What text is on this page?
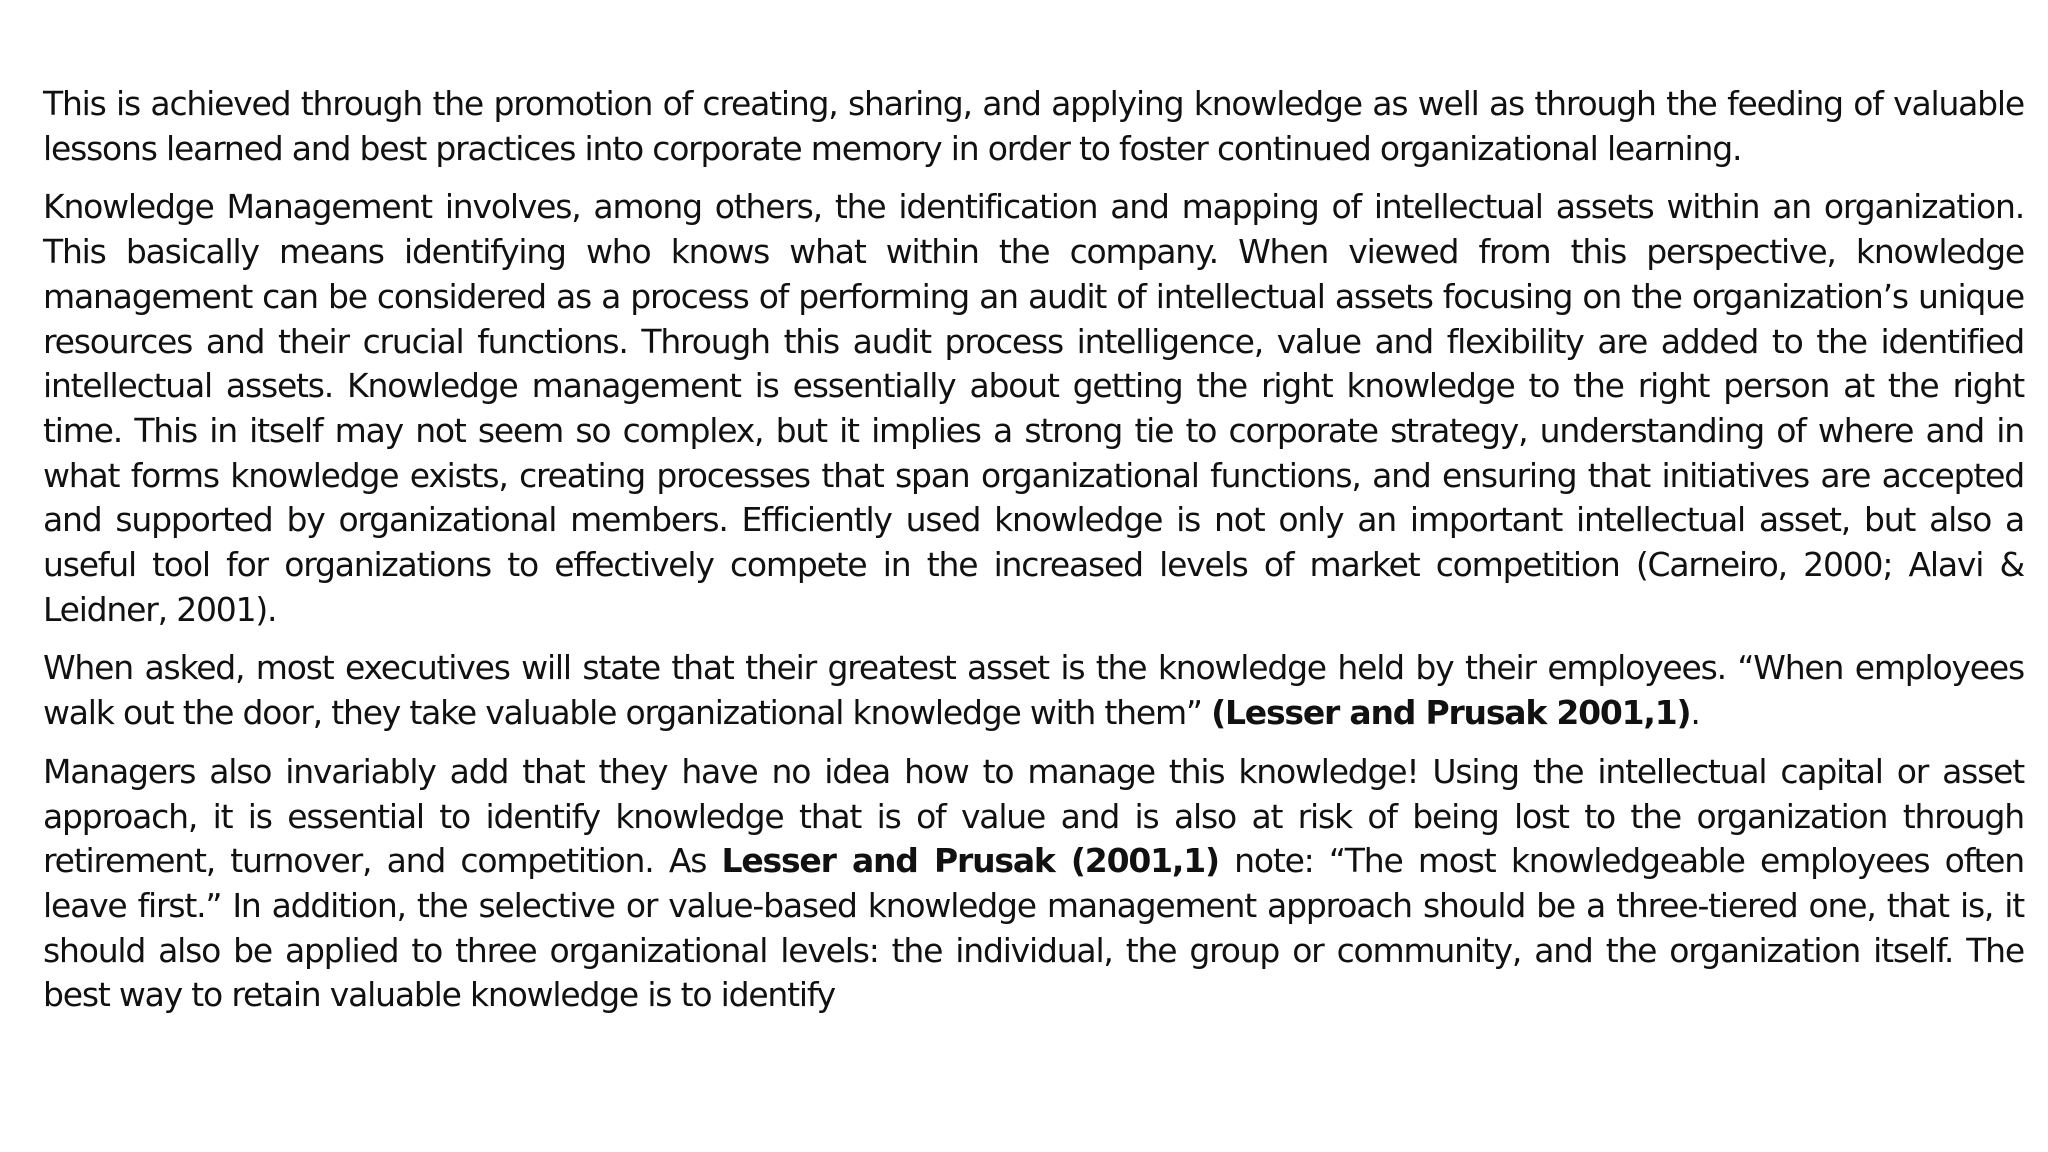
This is achieved through the promotion of creating, sharing, and applying knowledge as well as through the feeding of valuable lessons learned and best practices into corporate memory in order to foster continued organizational learning.

Knowledge Management involves, among others, the identification and mapping of intellectual assets within an organization. This basically means identifying who knows what within the company. When viewed from this perspective, knowledge management can be considered as a process of performing an audit of intellectual assets focusing on the organization’s unique resources and their crucial functions. Through this audit process intelligence, value and flexibility are added to the identified intellectual assets. Knowledge management is essentially about getting the right knowledge to the right person at the right time. This in itself may not seem so complex, but it implies a strong tie to corporate strategy, understanding of where and in what forms knowledge exists, creating processes that span organizational functions, and ensuring that initiatives are accepted and supported by organizational members. Efficiently used knowledge is not only an important intellectual asset, but also a useful tool for organizations to effectively compete in the increased levels of market competition (Carneiro, 2000; Alavi & Leidner, 2001).

When asked, most executives will state that their greatest asset is the knowledge held by their employees. “When employees walk out the door, they take valuable organizational knowledge with them” (Lesser and Prusak 2001,1).

Managers also invariably add that they have no idea how to manage this knowledge! Using the intellectual capital or asset approach, it is essential to identify knowledge that is of value and is also at risk of being lost to the organization through retirement, turnover, and competition. As Lesser and Prusak (2001,1) note: “The most knowledgeable employees often leave first.” In addition, the selective or value-based knowledge management approach should be a three-tiered one, that is, it should also be applied to three organizational levels: the individual, the group or community, and the organization itself. The best way to retain valuable knowledge is to identify
